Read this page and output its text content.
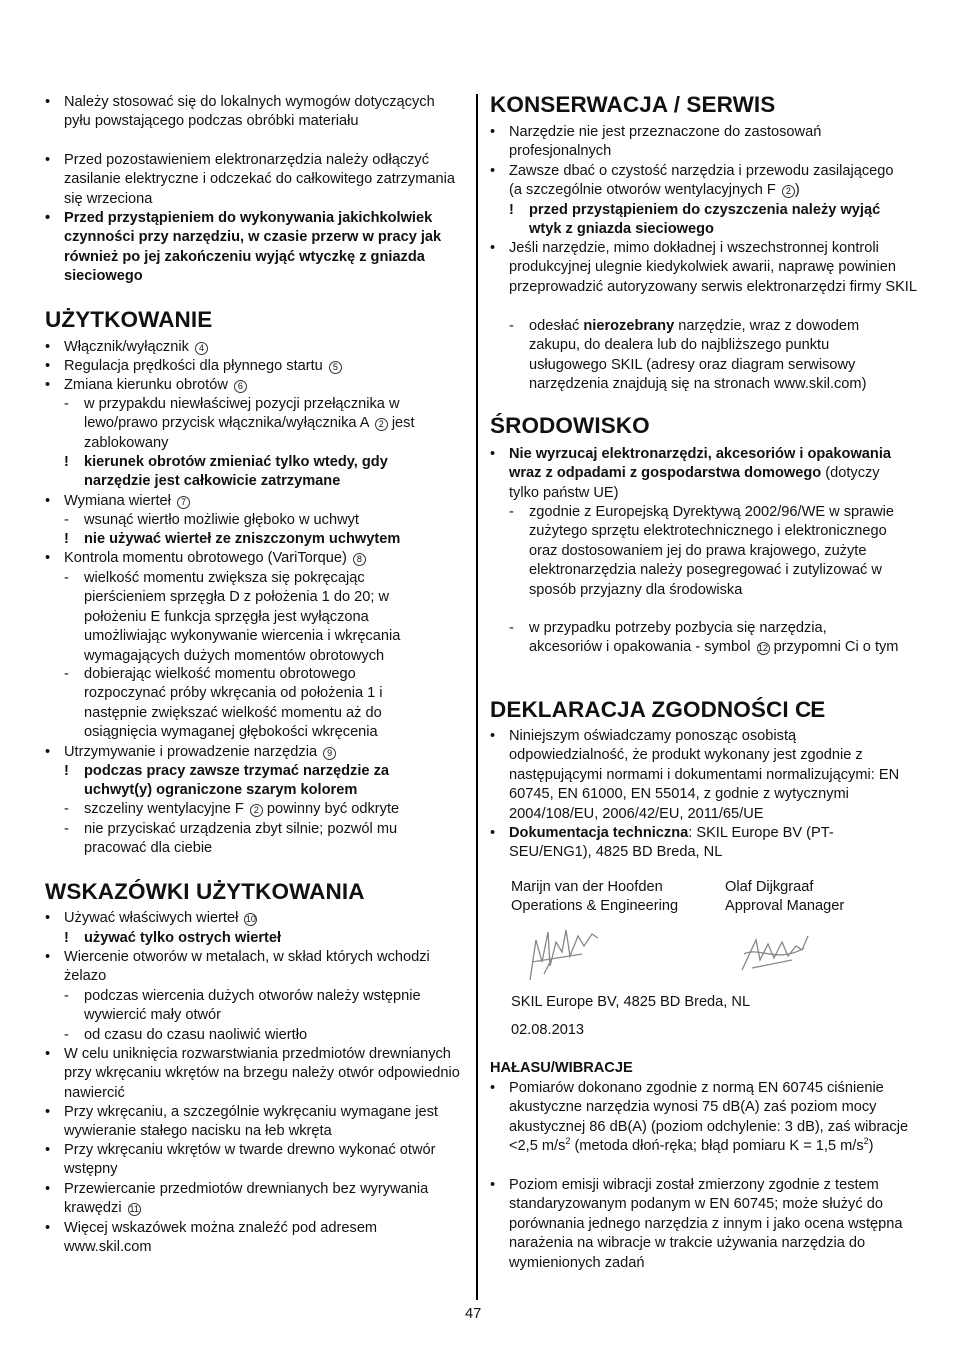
• Należy stosować się do lokalnych wymogów dotyczących pyłu powstającego podczas obróbki materiału
• Przed pozostawieniem elektronarzędzia należy odłączyć zasilanie elektryczne i odczekać do całkowitego zatrzymania się wrzeciona
• Przed przystąpieniem do wykonywania jakichkolwiek czynności przy narzędziu, w czasie przerw w pracy jak również po jej zakończeniu wyjąć wtyczkę z gniazda sieciowego
UŻYTKOWANIE
• Włącznik/wyłącznik 4
• Regulacja prędkości dla płynnego startu 5
• Zmiana kierunku obrotów 6
- w przypakdu niewłaściwej pozycji przełącznika w lewo/prawo przycisk włącznika/wyłącznika A 2 jest zablokowany
! kierunek obrotów zmieniać tylko wtedy, gdy narzędzie jest całkowicie zatrzymane
• Wymiana wierteł 7
- wsunąć wiertło możliwie głęboko w uchwyt
! nie używać wierteł ze zniszczonym uchwytem
• Kontrola momentu obrotowego (VariTorque) 8
- wielkość momentu zwiększa się pokręcając pierścieniem sprzęgła D z położenia 1 do 20; w położeniu E funkcja sprzęgła jest wyłączona umożliwiając wykonywanie wiercenia i wkręcania wymagających dużych momentów obrotowych
- dobierając wielkość momentu obrotowego rozpoczynać próby wkręcania od położenia 1 i następnie zwiększać wielkość momentu aż do osiągnięcia wymaganej głębokości wkręcenia
• Utrzymywanie i prowadzenie narzędzia 9
! podczas pracy zawsze trzymać narzędzie za uchwyt(y) ograniczone szarym kolorem
- szczeliny wentylacyjne F 2 powinny być odkryte
- nie przyciskać urządzenia zbyt silnie; pozwól mu pracować dla ciebie
WSKAZÓWKI UŻYTKOWANIA
• Używać właściwych wierteł 10
! używać tylko ostrych wierteł
• Wiercenie otworów w metalach, w skład których wchodzi żelazo
- podczas wiercenia dużych otworów należy wstępnie wywiercić mały otwór
- od czasu do czasu naoliwić wiertło
• W celu uniknięcia rozwarstwiania przedmiotów drewnianych przy wkręcaniu wkrętów na brzegu należy otwór odpowiednio nawiercić
• Przy wkręcaniu, a szczególnie wykręcaniu wymagane jest wywieranie stałego nacisku na łeb wkręta
• Przy wkręcaniu wkrętów w twarde drewno wykonać otwór wstępny
• Przewiercanie przedmiotów drewnianych bez wyrywania krawędzi 11
• Więcej wskazówek można znaleźć pod adresem www.skil.com
KONSERWACJA / SERWIS
• Narzędzie nie jest przeznaczone do zastosowań profesjonalnych
• Zawsze dbać o czystość narzędzia i przewodu zasilającego (a szczególnie otworów wentylacyjnych F 2 )
! przed przystąpieniem do czyszczenia należy wyjąć wtyk z gniazda sieciowego
• Jeśli narzędzie, mimo dokładnej i wszechstronnej kontroli produkcyjnej ulegnie kiedykolwiek awarii, naprawę powinien przeprowadzić autoryzowany serwis elektronarzędzi firmy SKIL
- odesłać nierozebrany narzędzie, wraz z dowodem zakupu, do dealera lub do najbliższego punktu usługowego SKIL (adresy oraz diagram serwisowy narzędzenia znajdują się na stronach www.skil.com)
ŚRODOWISKO
• Nie wyrzucaj elektronarzędzi, akcesoriów i opakowania wraz z odpadami z gospodarstwa domowego (dotyczy tylko państw UE)
- zgodnie z Europejską Dyrektywą 2002/96/WE w sprawie zużytego sprzętu elektrotechnicznego i elektronicznego oraz dostosowaniem jej do prawa krajowego, zużyte elektronarzędzia należy posegregować i zutylizować w sposób przyjazny dla środowiska
- w przypadku potrzeby pozbycia się narzędzia, akcesoriów i opakowania - symbol 12 przypomni Ci o tym
DEKLARACJA ZGODNOŚCI CE
• Niniejszym oświadczamy ponosząc osobistą odpowiedzialność, że produkt wykonany jest zgodnie z następującymi normami i dokumentami normalizującymi: EN 60745, EN 61000, EN 55014, z godnie z wytycznymi 2004/108/EU, 2006/42/EU, 2011/65/UE
• Dokumentacja techniczna: SKIL Europe BV (PT-SEU/ENG1), 4825 BD Breda, NL
Marijn van der Hoofden
Operations & Engineering
Olaf Dijkgraaf
Approval Manager
SKIL Europe BV, 4825 BD Breda, NL
02.08.2013
HAŁASU/WIBRACJE
• Pomiarów dokonano zgodnie z normą EN 60745 ciśnienie akustyczne narzędzia wynosi 75 dB(A) zaś poziom mocy akustycznej 86 dB(A) (poziom odchylenie: 3 dB), zaś wibracje <2,5 $m/s^2$ (metoda dłoń-ręka; błąd pomiaru K = 1,5 $m/s^2$)
• Poziom emisji wibracji został zmierzony zgodnie z testem standaryzowanym podanym w EN 60745; może służyć do porównania jednego narzędzia z innym i jako ocena wstępna narażenia na wibracje w trakcie używania narzędzia do wymienionych zadań
47
